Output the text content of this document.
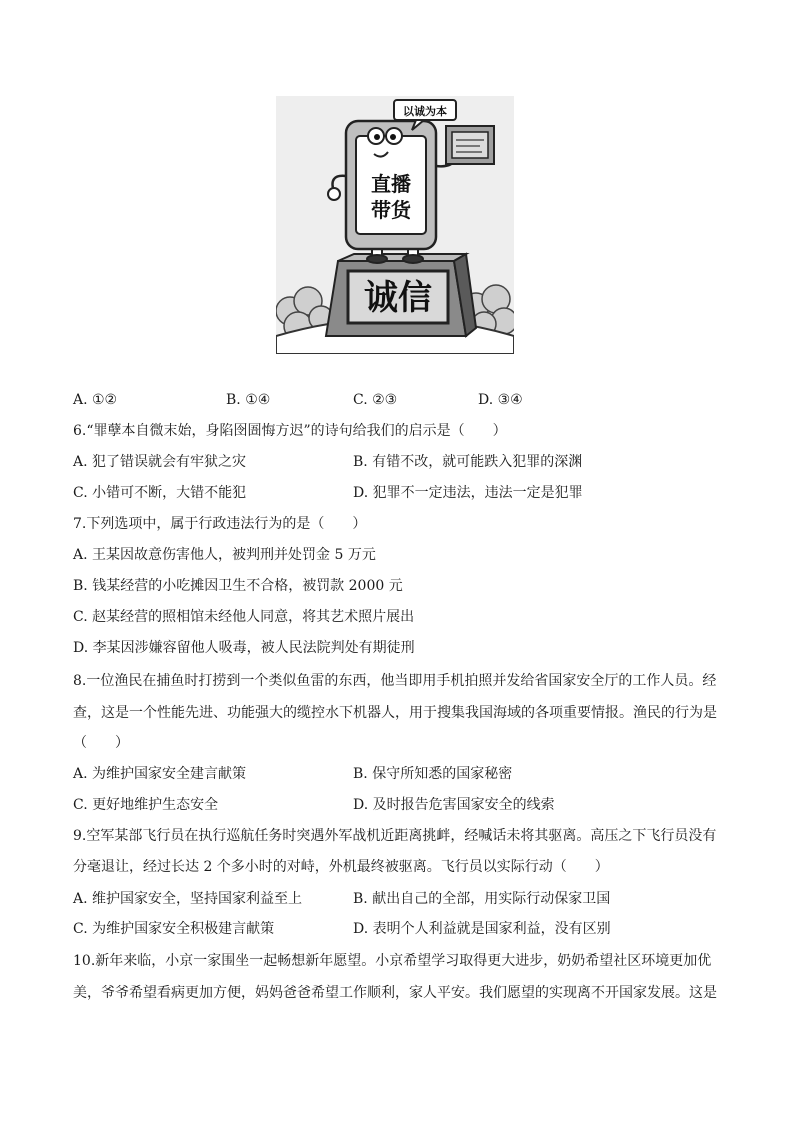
诚信
直播
带货
以诚为本
A. ①②	B. ①④	C. ②③	D. ③④
6.“罪孽本自微末始，身陷囹圄悔方迟”的诗句给我们的启示是（　　）
A. 犯了错误就会有牢狱之灾	B. 有错不改，就可能跌入犯罪的深渊
C. 小错可不断，大错不能犯	D. 犯罪不一定违法，违法一定是犯罪
7.下列选项中，属于行政违法行为的是（　　）
A. 王某因故意伤害他人，被判刑并处罚金 5 万元
B. 钱某经营的小吃摊因卫生不合格，被罚款 2000 元
C. 赵某经营的照相馆未经他人同意，将其艺术照片展出
D. 李某因涉嫌容留他人吸毒，被人民法院判处有期徒刑
8.一位渔民在捕鱼时打捞到一个类似鱼雷的东西，他当即用手机拍照并发给省国家安全厅的工作人员。经
查，这是一个性能先进、功能强大的缆控水下机器人，用于搜集我国海域的各项重要情报。渔民的行为是
（　　）
A. 为维护国家安全建言献策	B. 保守所知悉的国家秘密
C. 更好地维护生态安全	D. 及时报告危害国家安全的线索
9.空军某部飞行员在执行巡航任务时突遇外军战机近距离挑衅，经喊话未将其驱离。高压之下飞行员没有
分毫退让，经过长达 2 个多小时的对峙，外机最终被驱离。飞行员以实际行动（　　）
A. 维护国家安全，坚持国家利益至上	B. 献出自己的全部，用实际行动保家卫国
C. 为维护国家安全积极建言献策	D. 表明个人利益就是国家利益，没有区别
10.新年来临，小京一家围坐一起畅想新年愿望。小京希望学习取得更大进步，奶奶希望社区环境更加优
美，爷爷希望看病更加方便，妈妈爸爸希望工作顺利，家人平安。我们愿望的实现离不开国家发展。这是
